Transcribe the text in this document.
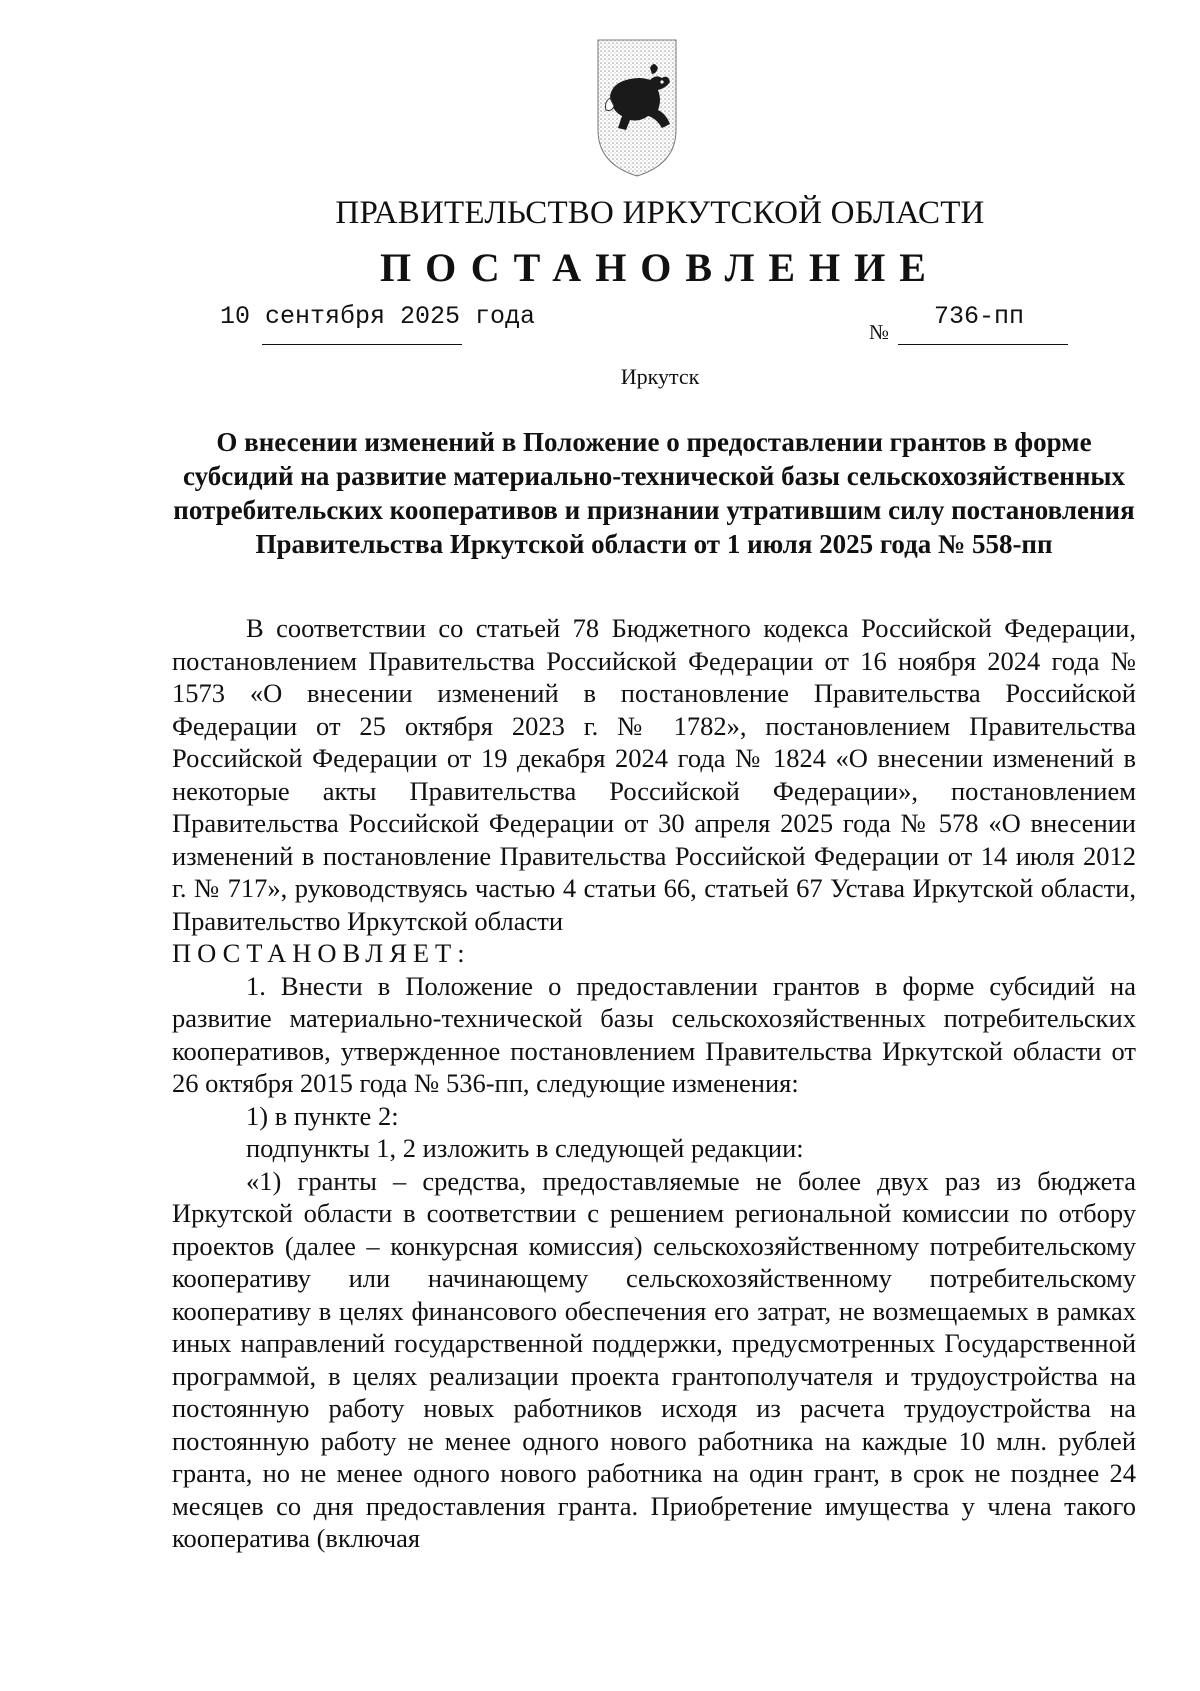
ПРАВИТЕЛЬСТВО ИРКУТСКОЙ ОБЛАСТИ
ПОСТАНОВЛЕНИЕ
10 сентября 2025 года
№
736-пп
Иркутск
О внесении изменений в Положение о предоставлении грантов в форме субсидий на развитие материально-технической базы сельскохозяйственных потребительских кооперативов и признании утратившим силу постановления Правительства Иркутской области от 1 июля 2025 года № 558-пп

В соответствии со статьей 78 Бюджетного кодекса Российской Федерации, постановлением Правительства Российской Федерации от 16 ноября 2024 года № 1573 «О внесении изменений в постановление Правительства Российской Федерации от 25 октября 2023 г. № 1782», постановлением Правительства Российской Федерации от 19 декабря 2024 года № 1824 «О внесении изменений в некоторые акты Правительства Российской Федерации», постановлением Правительства Российской Федерации от 30 апреля 2025 года № 578 «О внесении изменений в постановление Правительства Российской Федерации от 14 июля 2012 г. № 717», руководствуясь частью 4 статьи 66, статьей 67 Устава Иркутской области, Правительство Иркутской области

ПОСТАНОВЛЯЕТ:

1. Внести в Положение о предоставлении грантов в форме субсидий на развитие материально-технической базы сельскохозяйственных потребительских кооперативов, утвержденное постановлением Правительства Иркутской области от 26 октября 2015 года № 536-пп, следующие изменения:

1) в пункте 2:

подпункты 1, 2 изложить в следующей редакции:

«1) гранты – средства, предоставляемые не более двух раз из бюджета Иркутской области в соответствии с решением региональной комиссии по отбору проектов (далее – конкурсная комиссия) сельскохозяйственному потребительскому кооперативу или начинающему сельскохозяйственному потребительскому кооперативу в целях финансового обеспечения его затрат, не возмещаемых в рамках иных направлений государственной поддержки, предусмотренных Государственной программой, в целях реализации проекта грантополучателя и трудоустройства на постоянную работу новых работников исходя из расчета трудоустройства на постоянную работу не менее одного нового работника на каждые 10 млн. рублей гранта, но не менее одного нового работника на один грант, в срок не позднее 24 месяцев со дня предоставления гранта. Приобретение имущества у члена такого кооператива (включая
